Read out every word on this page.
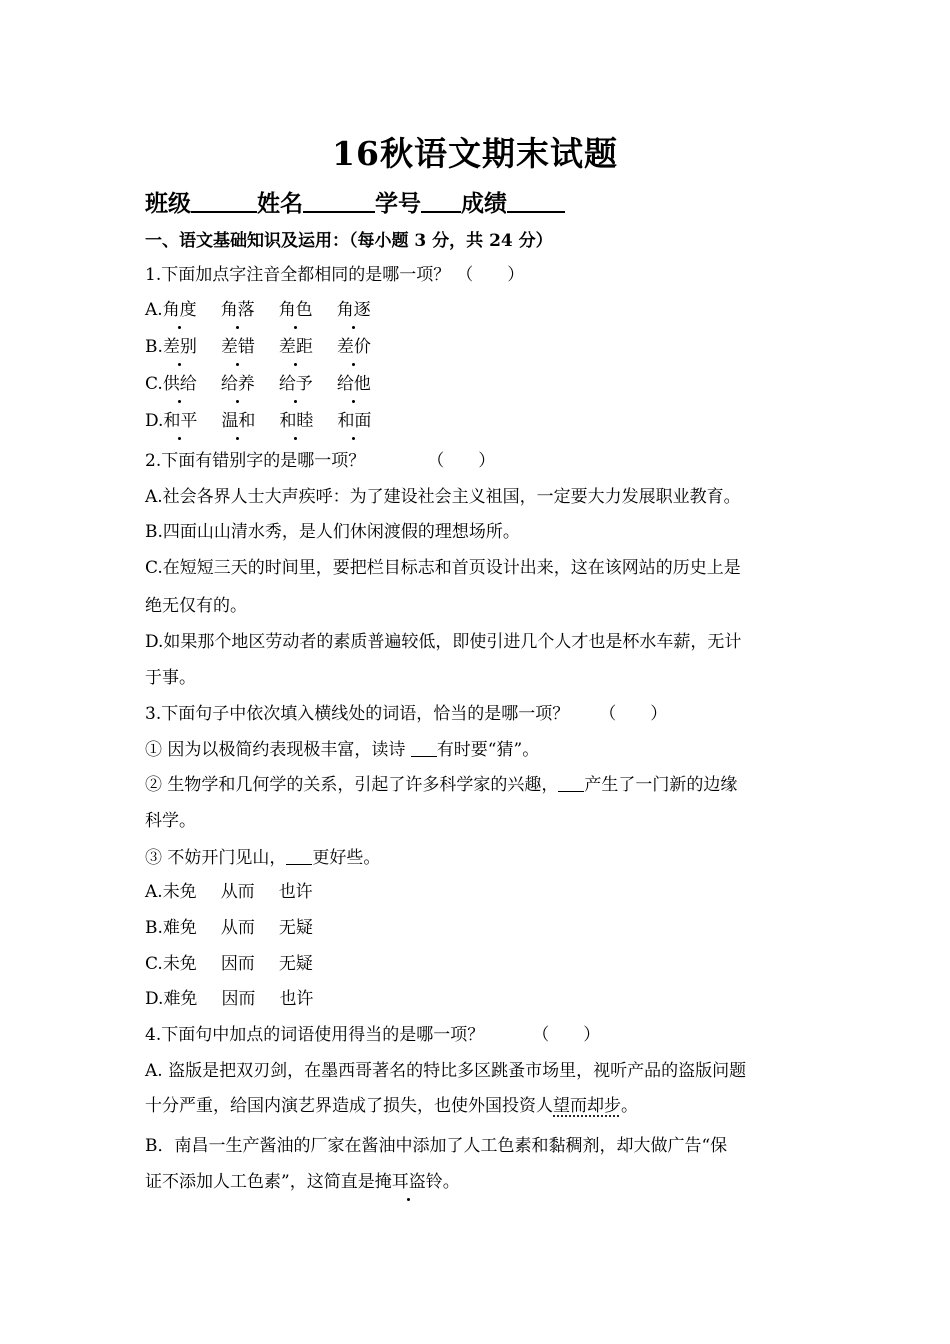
16秋语文期末试题
班级	姓名	学号 成绩
一、语文基础知识及运用：（每小题 3 分，共 24 分）
1.下面加点字注音全都相同的是哪一项？ （　　）
A.角度 角落 角色 角逐
B.差别 差错 差距 差价
C.供给 给养 给予 给他
D.和平 温和 和睦 和面
2.下面有错别字的是哪一项？	（　　）
A.社会各界人士大声疾呼：为了建设社会主义祖国，一定要大力发展职业教育。
B.四面山山清水秀，是人们休闲渡假的理想场所。
C.在短短三天的时间里，要把栏目标志和首页设计出来，这在该网站的历史上是
绝无仅有的。
D.如果那个地区劳动者的素质普遍较低，即使引进几个人才也是杯水车薪，无计
于事。
3.下面句子中依次填入横线处的词语，恰当的是哪一项？ （　　）
① 因为以极简约表现极丰富，读诗 有时要“猜”。
② 生物学和几何学的关系，引起了许多科学家的兴趣， 产生了一门新的边缘
科学。
③ 不妨开门见山， 更好些。
A.未免 从而 也许
B.难免 从而 无疑
C.未免 因而 无疑
D.难免 因而 也许
4.下面句中加点的词语使用得当的是哪一项？	（　　）
A. 盗版是把双刃剑，在墨西哥著名的特比多区跳蚤市场里，视听产品的盗版问题
十分严重，给国内演艺界造成了损失，也使外国投资人望而却步。
B．南昌一生产酱油的厂家在酱油中添加了人工色素和黏稠剂，却大做广告“保
证不添加人工色素”，这简直是掩耳盗铃。
